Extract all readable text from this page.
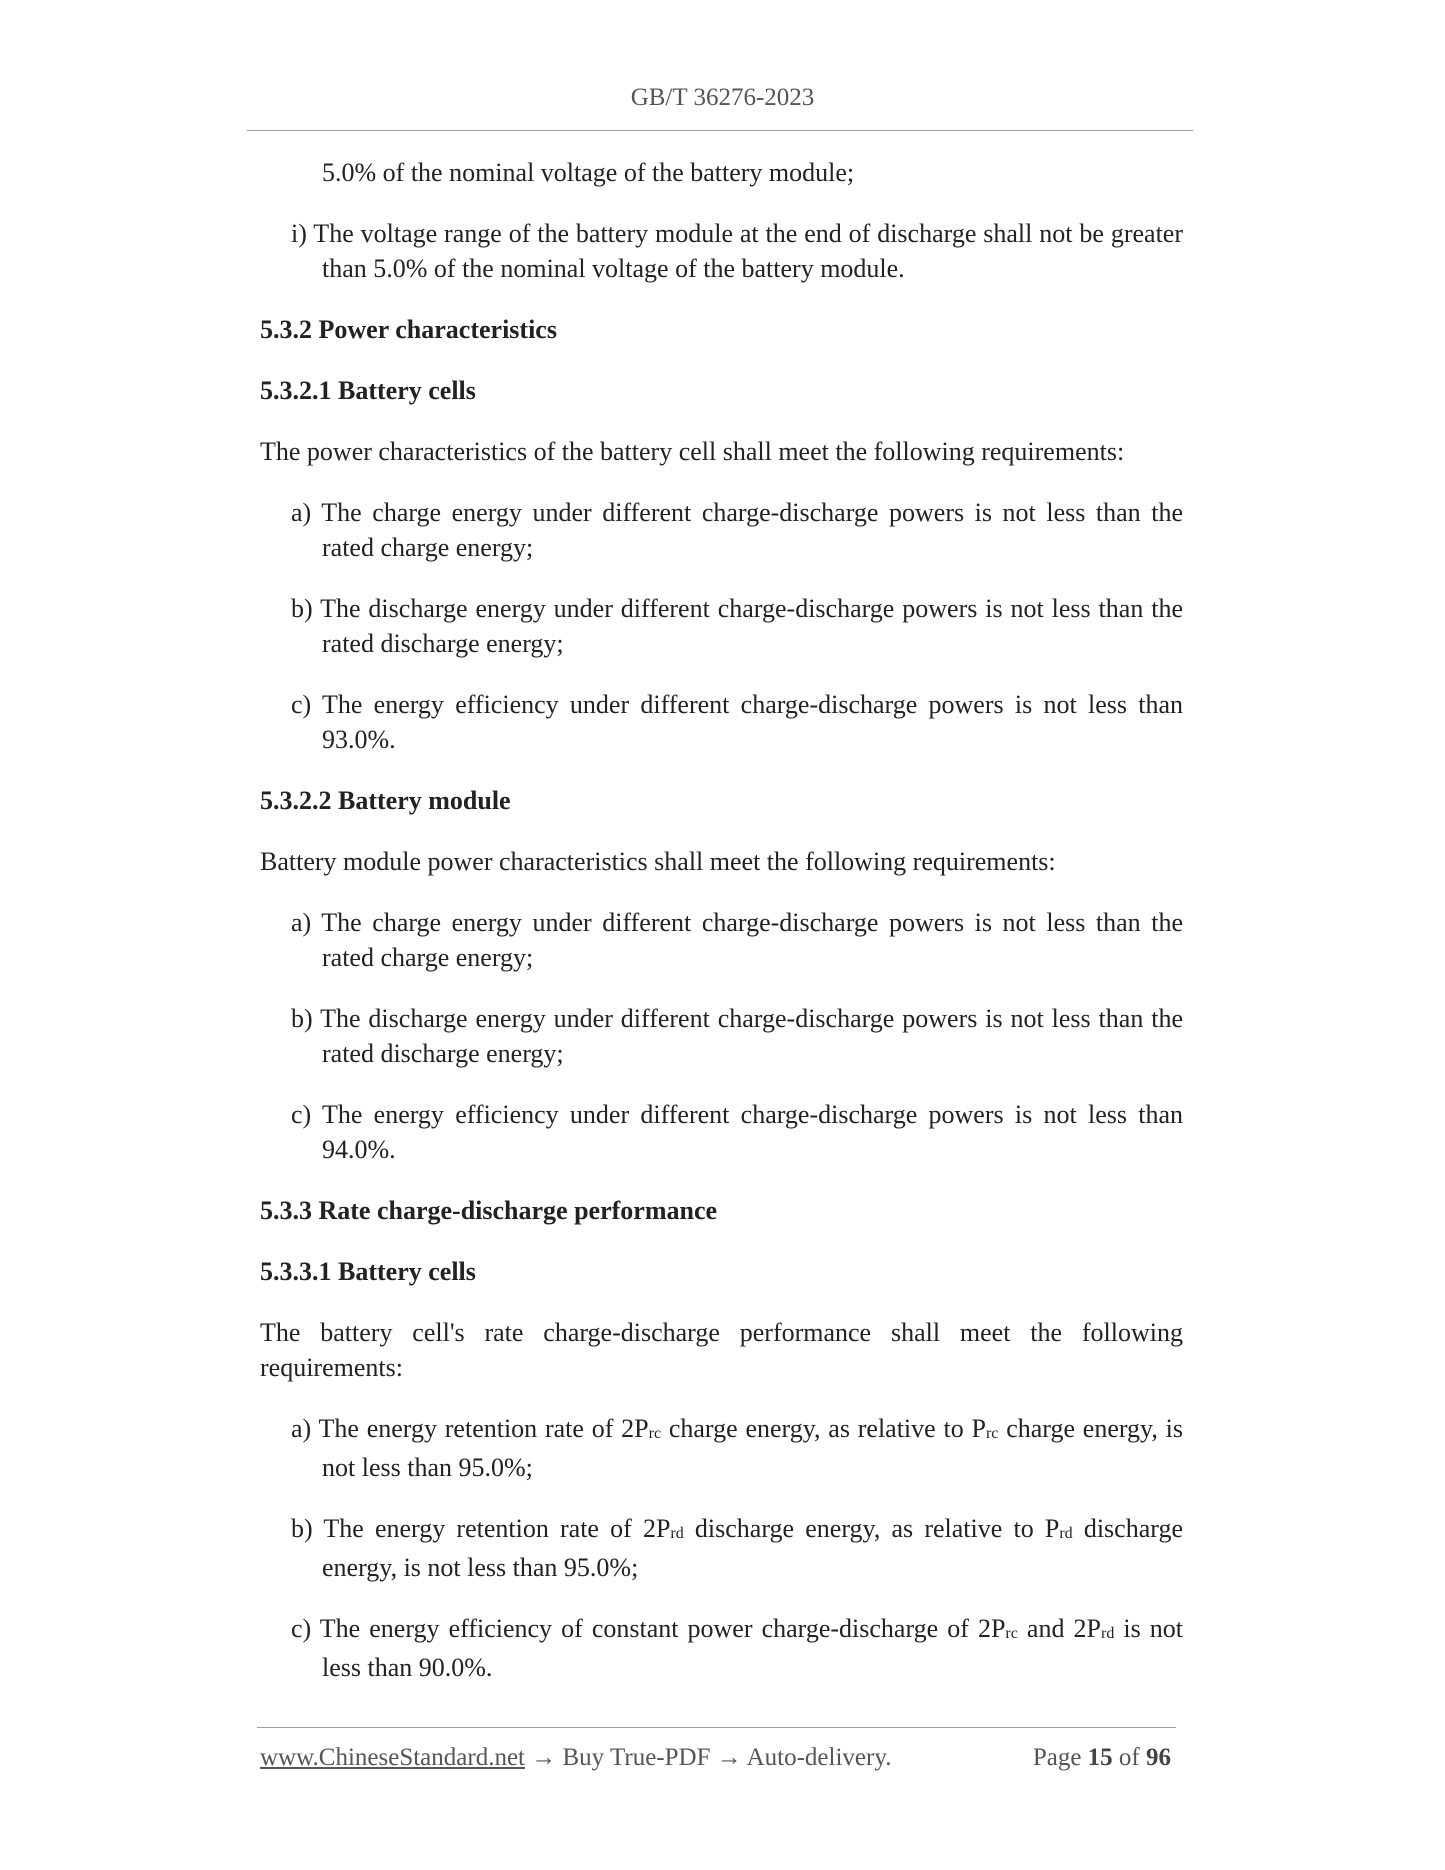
GB/T 36276-2023

5.0% of the nominal voltage of the battery module;

i) The voltage range of the battery module at the end of discharge shall not be greater than 5.0% of the nominal voltage of the battery module.

5.3.2 Power characteristics

5.3.2.1 Battery cells

The power characteristics of the battery cell shall meet the following requirements:

a) The charge energy under different charge-discharge powers is not less than the rated charge energy;

b) The discharge energy under different charge-discharge powers is not less than the rated discharge energy;

c) The energy efficiency under different charge-discharge powers is not less than 93.0%.

5.3.2.2 Battery module

Battery module power characteristics shall meet the following requirements:

a) The charge energy under different charge-discharge powers is not less than the rated charge energy;

b) The discharge energy under different charge-discharge powers is not less than the rated discharge energy;

c) The energy efficiency under different charge-discharge powers is not less than 94.0%.

5.3.3 Rate charge-discharge performance

5.3.3.1 Battery cells

The battery cell's rate charge-discharge performance shall meet the following requirements:

a) The energy retention rate of $2P_{rc}$ charge energy, as relative to $P_{rc}$ charge energy, is not less than 95.0%;

b) The energy retention rate of $2P_{rd}$ discharge energy, as relative to $P_{rd}$ discharge energy, is not less than 95.0%;

c) The energy efficiency of constant power charge-discharge of $2P_{rc}$ and $2P_{rd}$ is not less than 90.0%.

www.ChineseStandard.net → Buy True-PDF → Auto-delivery.	Page 15 of 96
